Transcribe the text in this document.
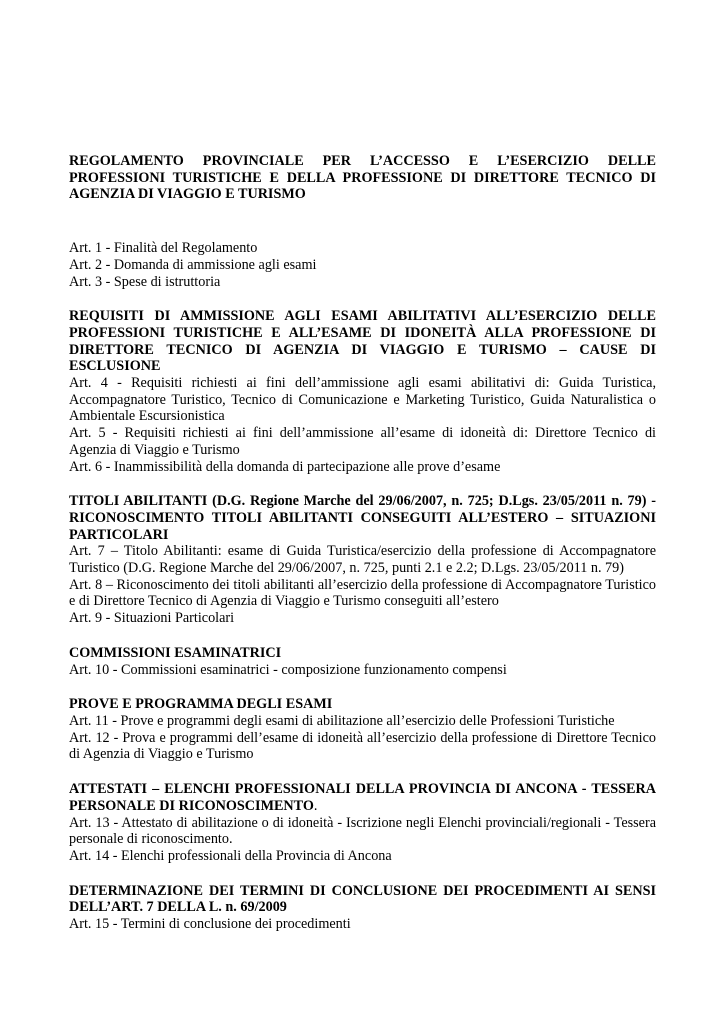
REGOLAMENTO PROVINCIALE PER L’ACCESSO E L’ESERCIZIO DELLE PROFESSIONI TURISTICHE E DELLA PROFESSIONE DI DIRETTORE TECNICO DI AGENZIA DI VIAGGIO E TURISMO

Art. 1 - Finalità del Regolamento

Art. 2 - Domanda di ammissione agli esami

Art. 3 - Spese di istruttoria

REQUISITI DI AMMISSIONE AGLI ESAMI ABILITATIVI ALL’ESERCIZIO DELLE PROFESSIONI TURISTICHE E ALL’ESAME DI IDONEITÀ ALLA PROFESSIONE DI DIRETTORE TECNICO DI AGENZIA DI VIAGGIO E TURISMO – CAUSE DI ESCLUSIONE

Art. 4 - Requisiti richiesti ai fini dell’ammissione agli esami abilitativi di: Guida Turistica, Accompagnatore Turistico, Tecnico di Comunicazione e Marketing Turistico, Guida Naturalistica o Ambientale Escursionistica

Art. 5 - Requisiti richiesti ai fini dell’ammissione all’esame di idoneità di: Direttore Tecnico di Agenzia di Viaggio e Turismo

Art. 6 - Inammissibilità della domanda di partecipazione alle prove d’esame

TITOLI ABILITANTI (D.G. Regione Marche del 29/06/2007, n. 725; D.Lgs. 23/05/2011 n. 79) - RICONOSCIMENTO TITOLI ABILITANTI CONSEGUITI ALL’ESTERO – SITUAZIONI PARTICOLARI

Art. 7 – Titolo Abilitanti: esame di Guida Turistica/esercizio della professione di Accompagnatore Turistico (D.G. Regione Marche del 29/06/2007, n. 725, punti 2.1 e 2.2; D.Lgs. 23/05/2011 n. 79)

Art. 8 – Riconoscimento dei titoli abilitanti all’esercizio della professione di Accompagnatore Turistico e di Direttore Tecnico di Agenzia di Viaggio e Turismo conseguiti all’estero

Art. 9 - Situazioni Particolari

COMMISSIONI ESAMINATRICI

Art. 10 - Commissioni esaminatrici - composizione funzionamento compensi

PROVE E PROGRAMMA DEGLI ESAMI

Art. 11 - Prove e programmi degli esami di abilitazione all’esercizio delle Professioni Turistiche

Art. 12 - Prova e programmi dell’esame di idoneità all’esercizio della professione di Direttore Tecnico di Agenzia di Viaggio e Turismo

ATTESTATI – ELENCHI PROFESSIONALI DELLA PROVINCIA DI ANCONA - TESSERA PERSONALE DI RICONOSCIMENTO.

Art. 13 - Attestato di abilitazione o di idoneità - Iscrizione negli Elenchi provinciali/regionali - Tessera personale di riconoscimento.

Art. 14 - Elenchi professionali della Provincia di Ancona

DETERMINAZIONE DEI TERMINI DI CONCLUSIONE DEI PROCEDIMENTI AI SENSI DELL’ART. 7 DELLA L. n. 69/2009

Art. 15 - Termini di conclusione dei procedimenti
